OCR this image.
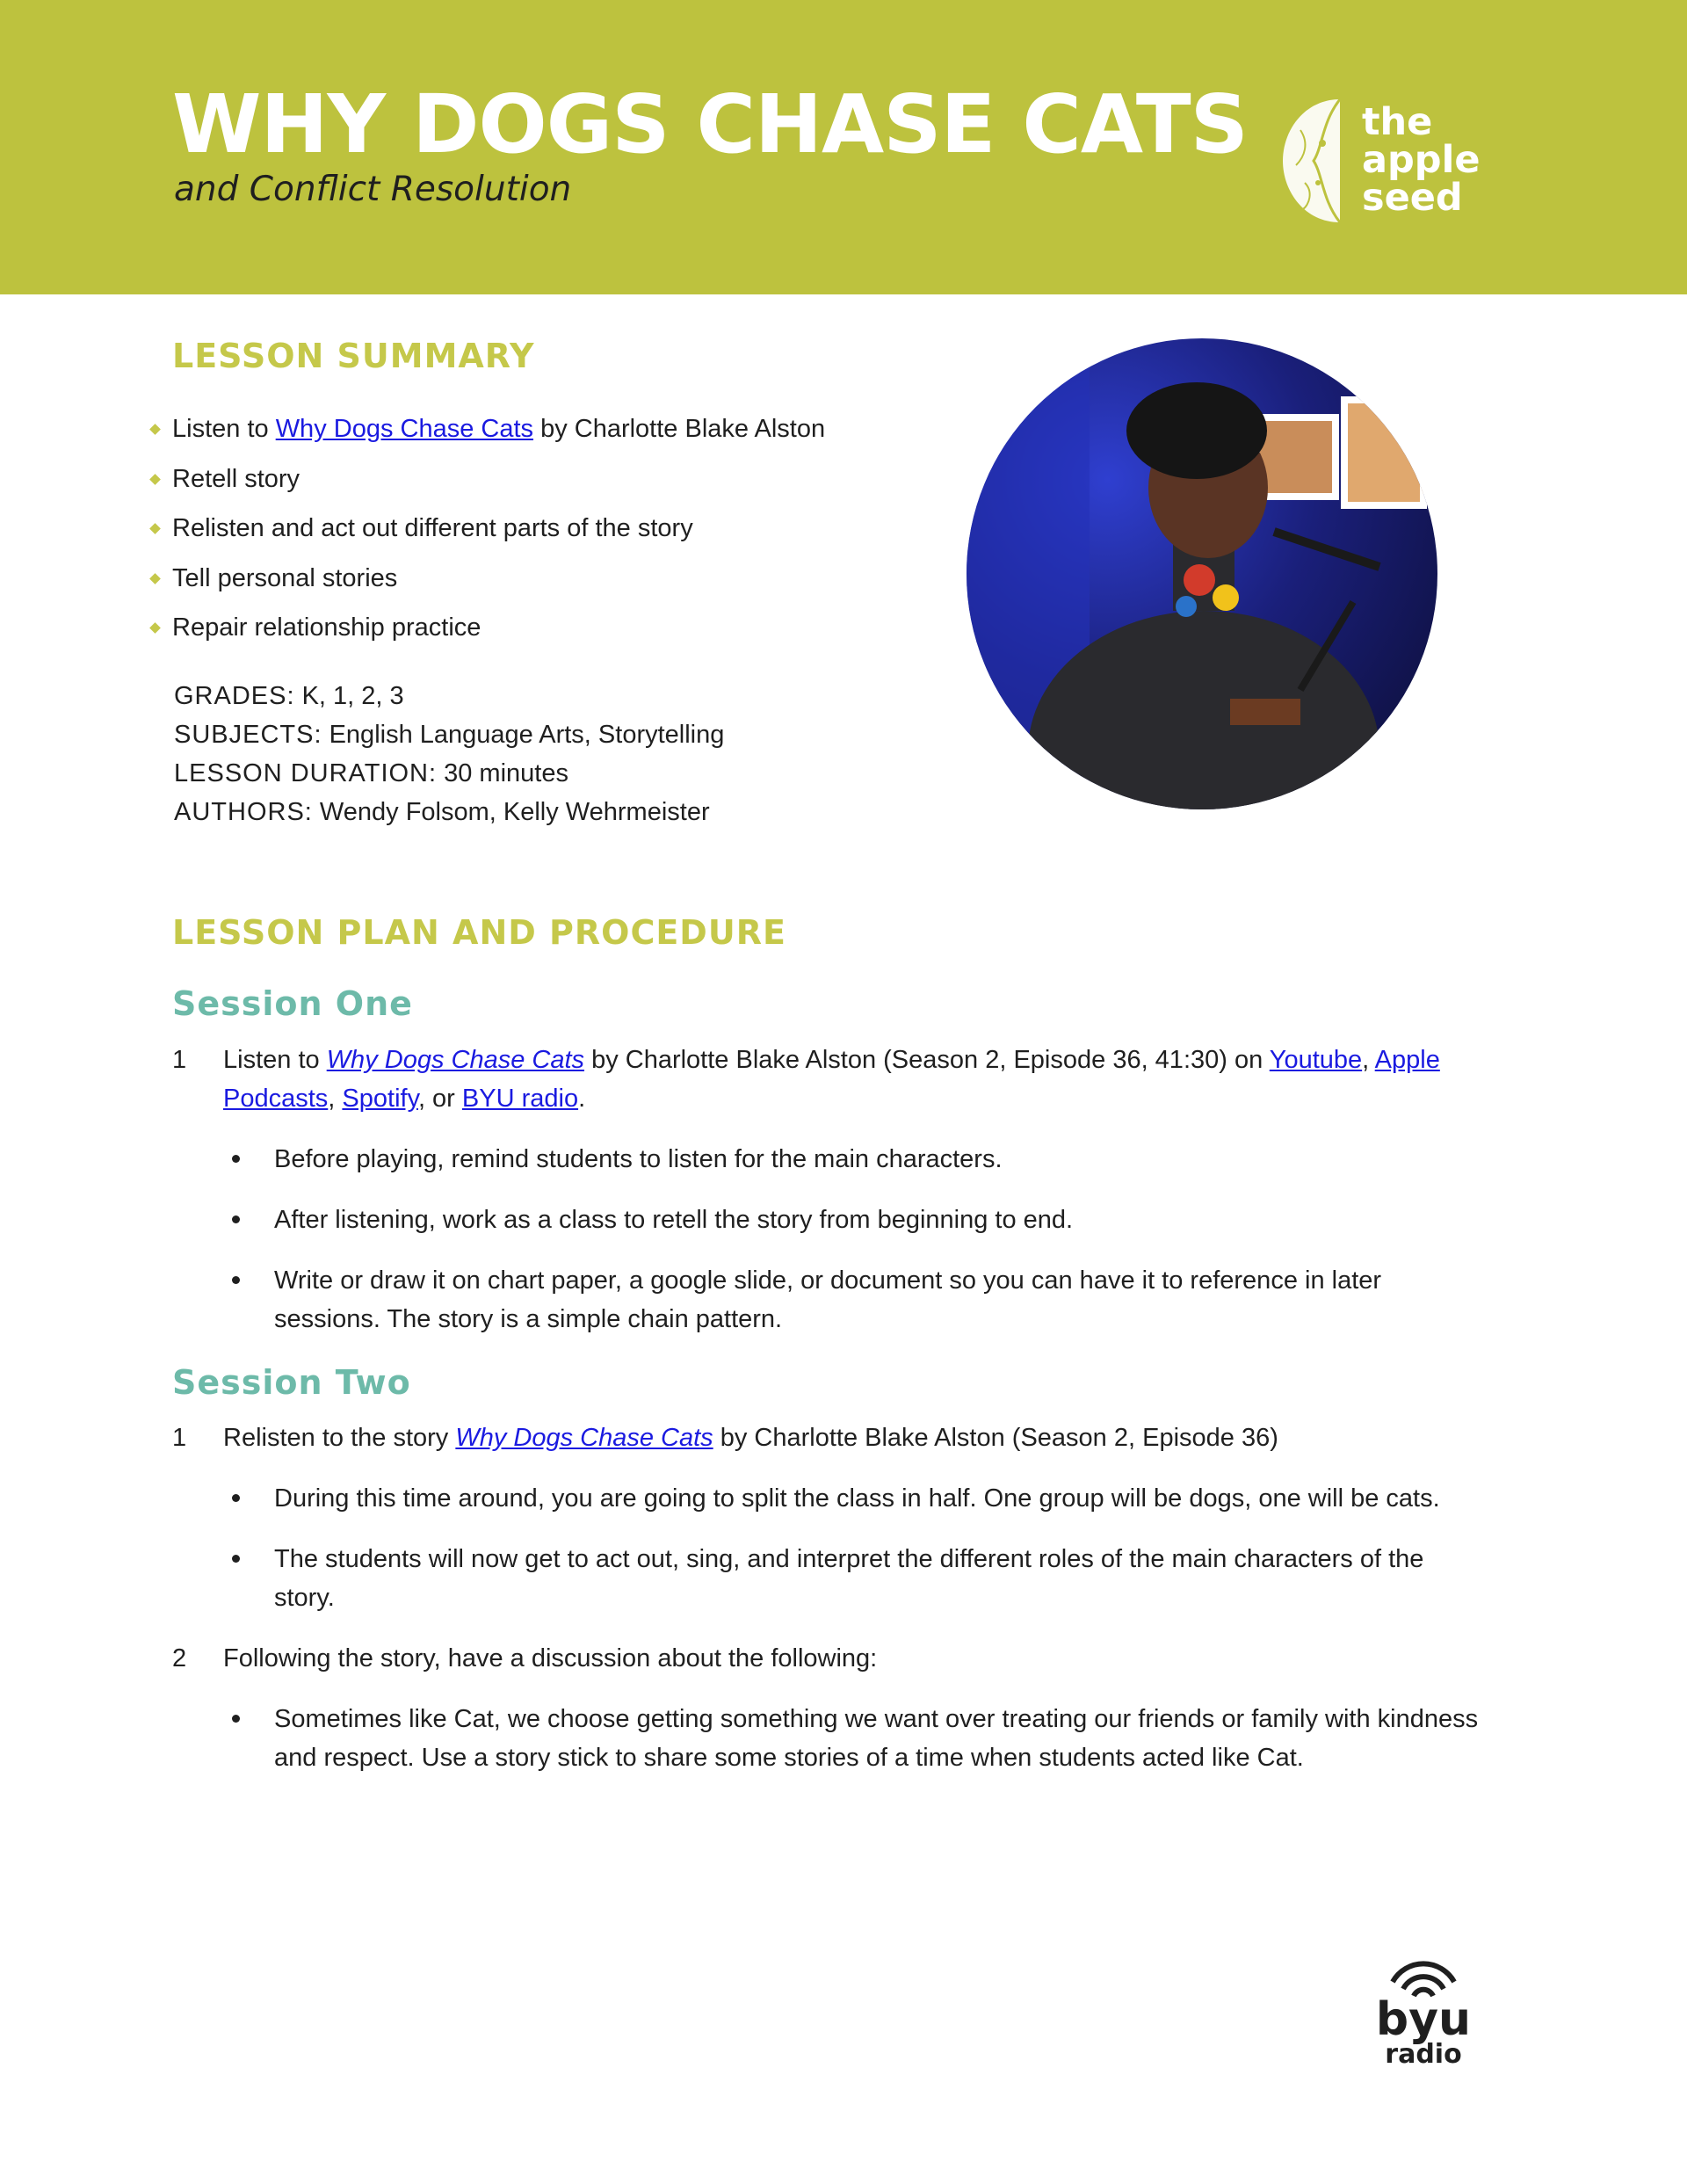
WHY DOGS CHASE CATS
and Conflict Resolution
the
apple
seed
LESSON SUMMARY
Listen to Why Dogs Chase Cats by Charlotte Blake Alston
Retell story
Relisten and act out different parts of the story
Tell personal stories
Repair relationship practice
GRADES: K, 1, 2, 3
SUBJECTS: English Language Arts, Storytelling
LESSON DURATION: 30 minutes
AUTHORS: Wendy Folsom, Kelly Wehrmeister
LESSON PLAN AND PROCEDURE
Session One
1 Listen to Why Dogs Chase Cats by Charlotte Blake Alston (Season 2, Episode 36, 41:30) on Youtube, Apple Podcasts, Spotify, or BYU radio.
Before playing, remind students to listen for the main characters.
After listening, work as a class to retell the story from beginning to end.
Write or draw it on chart paper, a google slide, or document so you can have it to reference in later sessions. The story is a simple chain pattern.
Session Two
1 Relisten to the story Why Dogs Chase Cats by Charlotte Blake Alston (Season 2, Episode 36)
During this time around, you are going to split the class in half. One group will be dogs, one will be cats.
The students will now get to act out, sing, and interpret the different roles of the main characters of the story.
2 Following the story, have a discussion about the following:
Sometimes like Cat, we choose getting something we want over treating our friends or family with kindness and respect. Use a story stick to share some stories of a time when students acted like Cat.
byu
radio
